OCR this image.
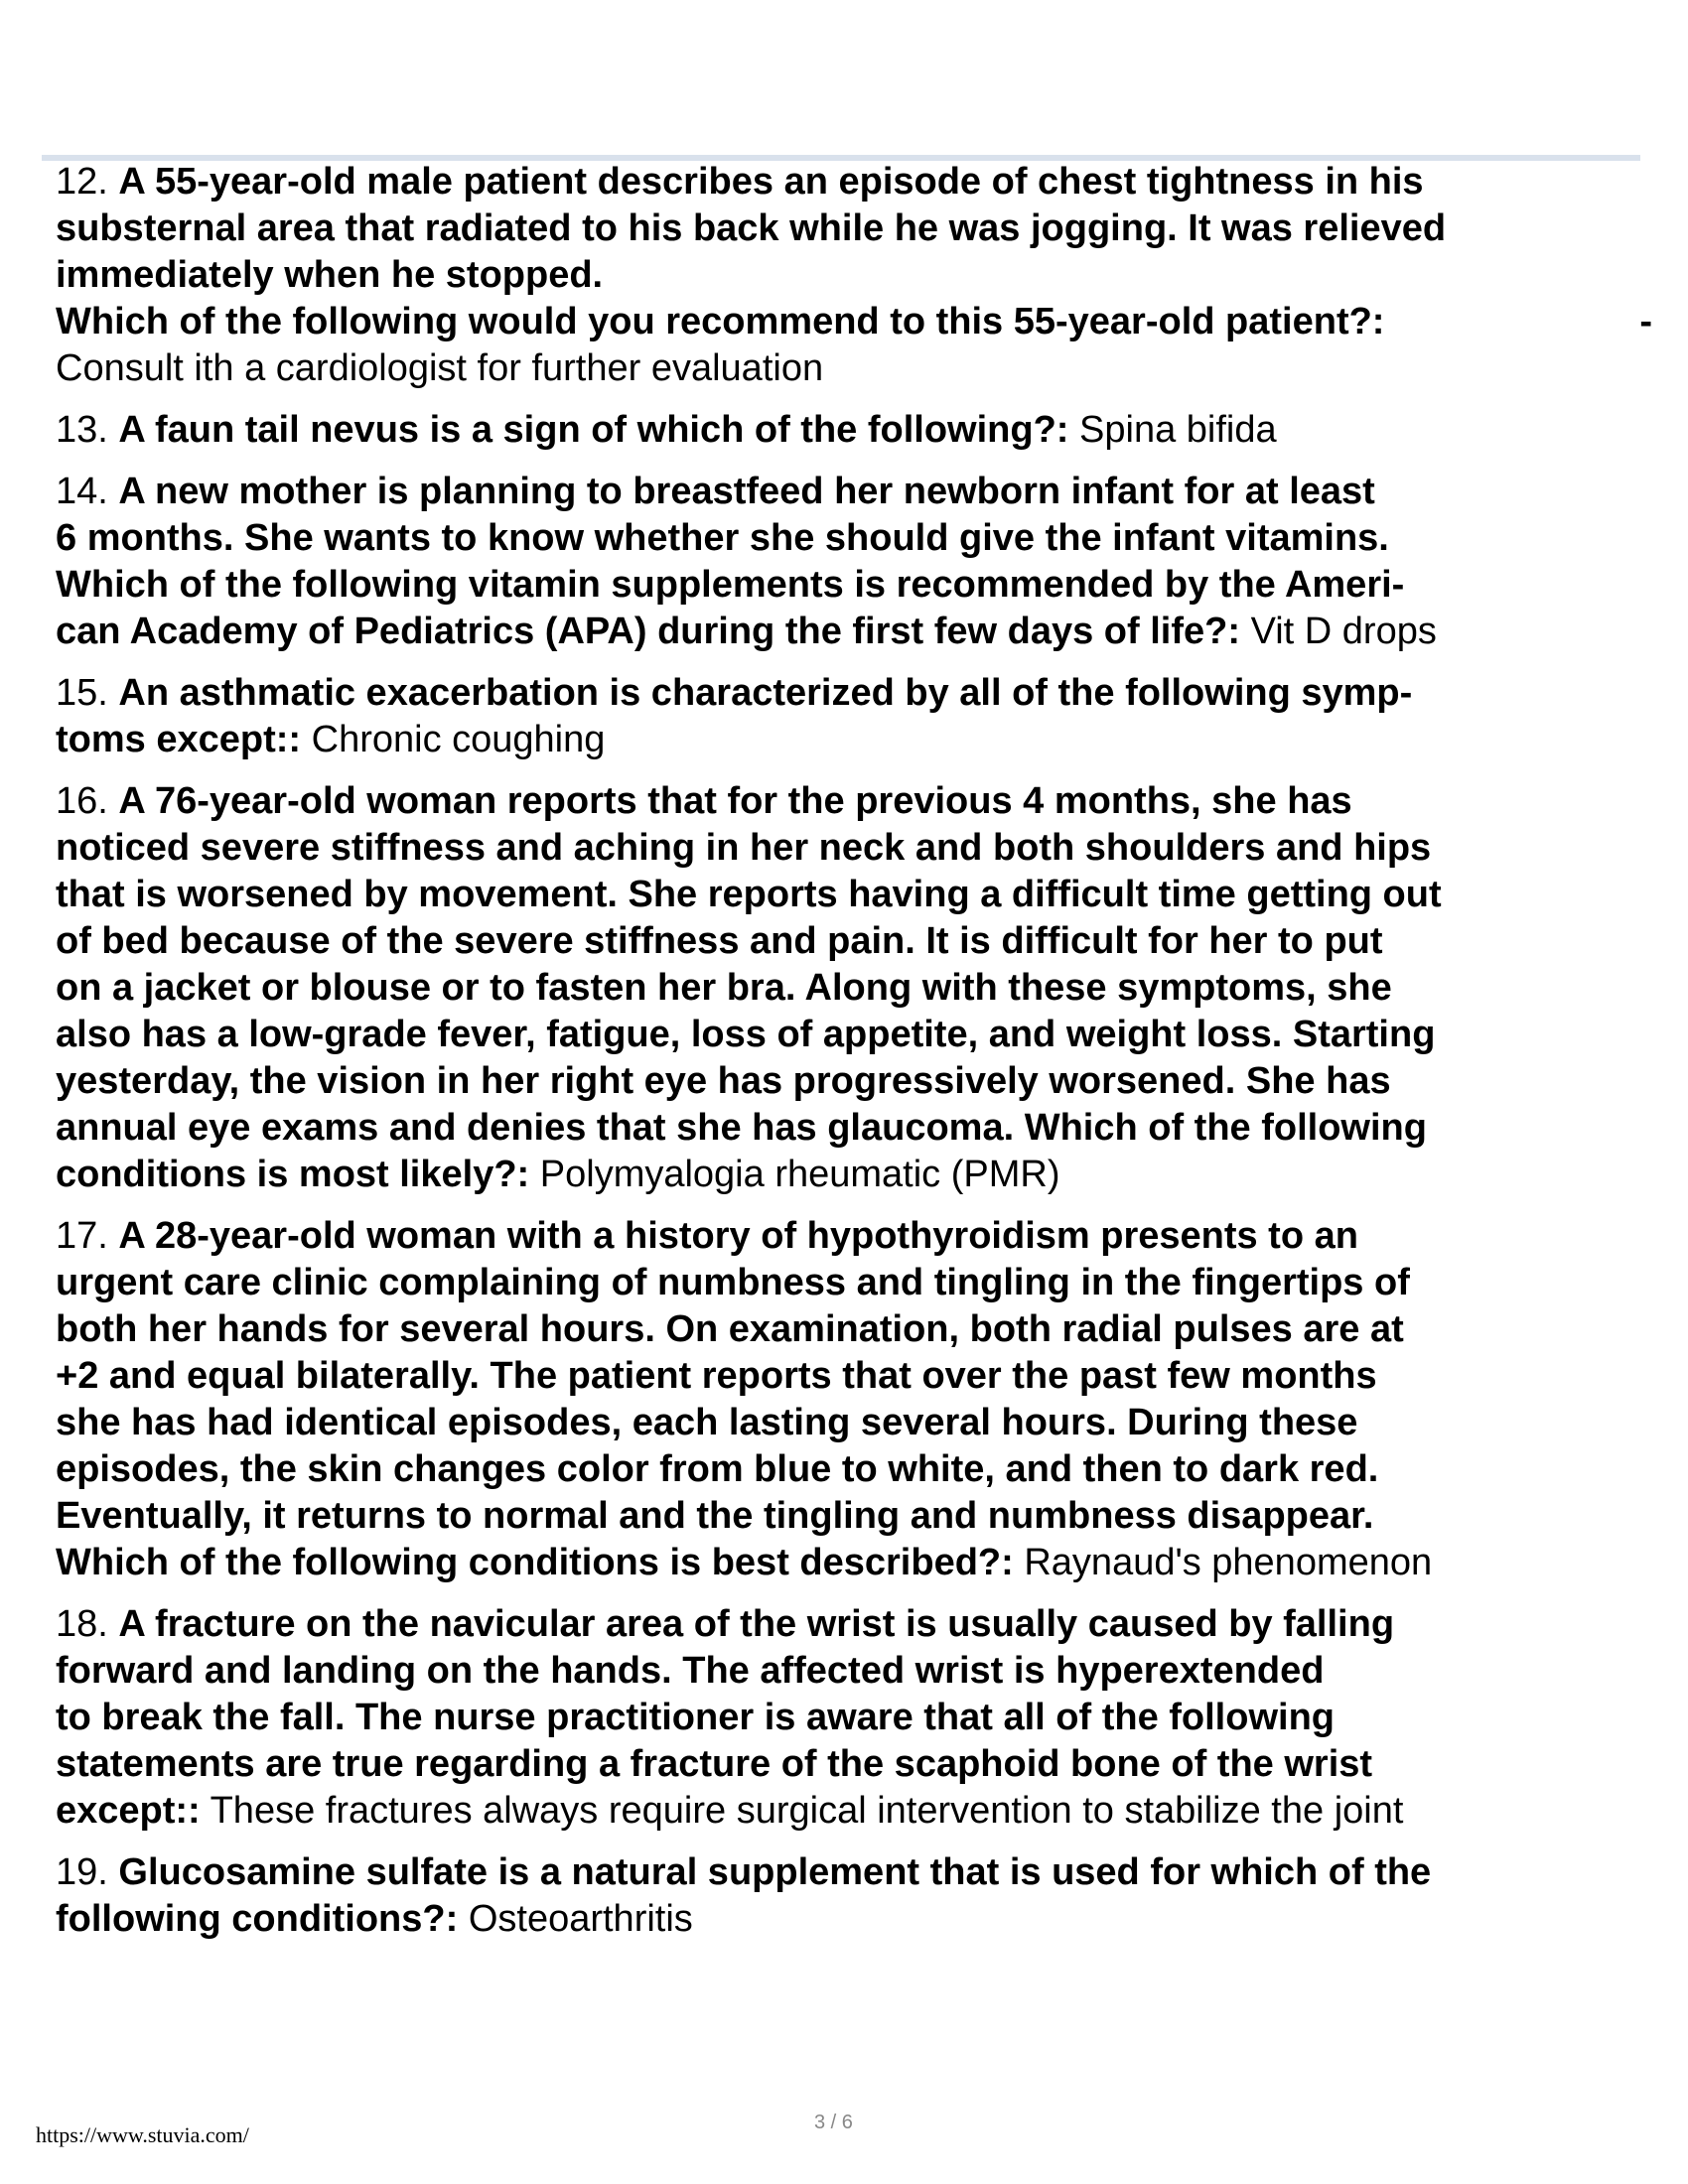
12. A 55-year-old male patient describes an episode of chest tightness in his
substernal area that radiated to his back while he was jogging. It was relieved
immediately when he stopped.
Which of the following would you recommend to this 55-year-old patient?:	-
Consult ith a cardiologist for further evaluation
13. A faun tail nevus is a sign of which of the following?: Spina bifida
14. A new mother is planning to breastfeed her newborn infant for at least
6 months. She wants to know whether she should give the infant vitamins.
Which of the following vitamin supplements is recommended by the Ameri-
can Academy of Pediatrics (APA) during the first few days of life?: Vit D drops
15. An asthmatic exacerbation is characterized by all of the following symp-
toms except:: Chronic coughing
16. A 76-year-old woman reports that for the previous 4 months, she has
noticed severe stiffness and aching in her neck and both shoulders and hips
that is worsened by movement. She reports having a difficult time getting out
of bed because of the severe stiffness and pain. It is difficult for her to put
on a jacket or blouse or to fasten her bra. Along with these symptoms, she
also has a low-grade fever, fatigue, loss of appetite, and weight loss. Starting
yesterday, the vision in her right eye has progressively worsened. She has
annual eye exams and denies that she has glaucoma. Which of the following
conditions is most likely?: Polymyalogia rheumatic (PMR)
17. A 28-year-old woman with a history of hypothyroidism presents to an
urgent care clinic complaining of numbness and tingling in the fingertips of
both her hands for several hours. On examination, both radial pulses are at
+2 and equal bilaterally. The patient reports that over the past few months
she has had identical episodes, each lasting several hours. During these
episodes, the skin changes color from blue to white, and then to dark red.
Eventually, it returns to normal and the tingling and numbness disappear.
Which of the following conditions is best described?: Raynaud's phenomenon
18. A fracture on the navicular area of the wrist is usually caused by falling
forward and landing on the hands. The affected wrist is hyperextended
to break the fall. The nurse practitioner is aware that all of the following
statements are true regarding a fracture of the scaphoid bone of the wrist
except:: These fractures always require surgical intervention to stabilize the joint
19. Glucosamine sulfate is a natural supplement that is used for which of the
following conditions?: Osteoarthritis
https://www.stuvia.com/	3 / 6
